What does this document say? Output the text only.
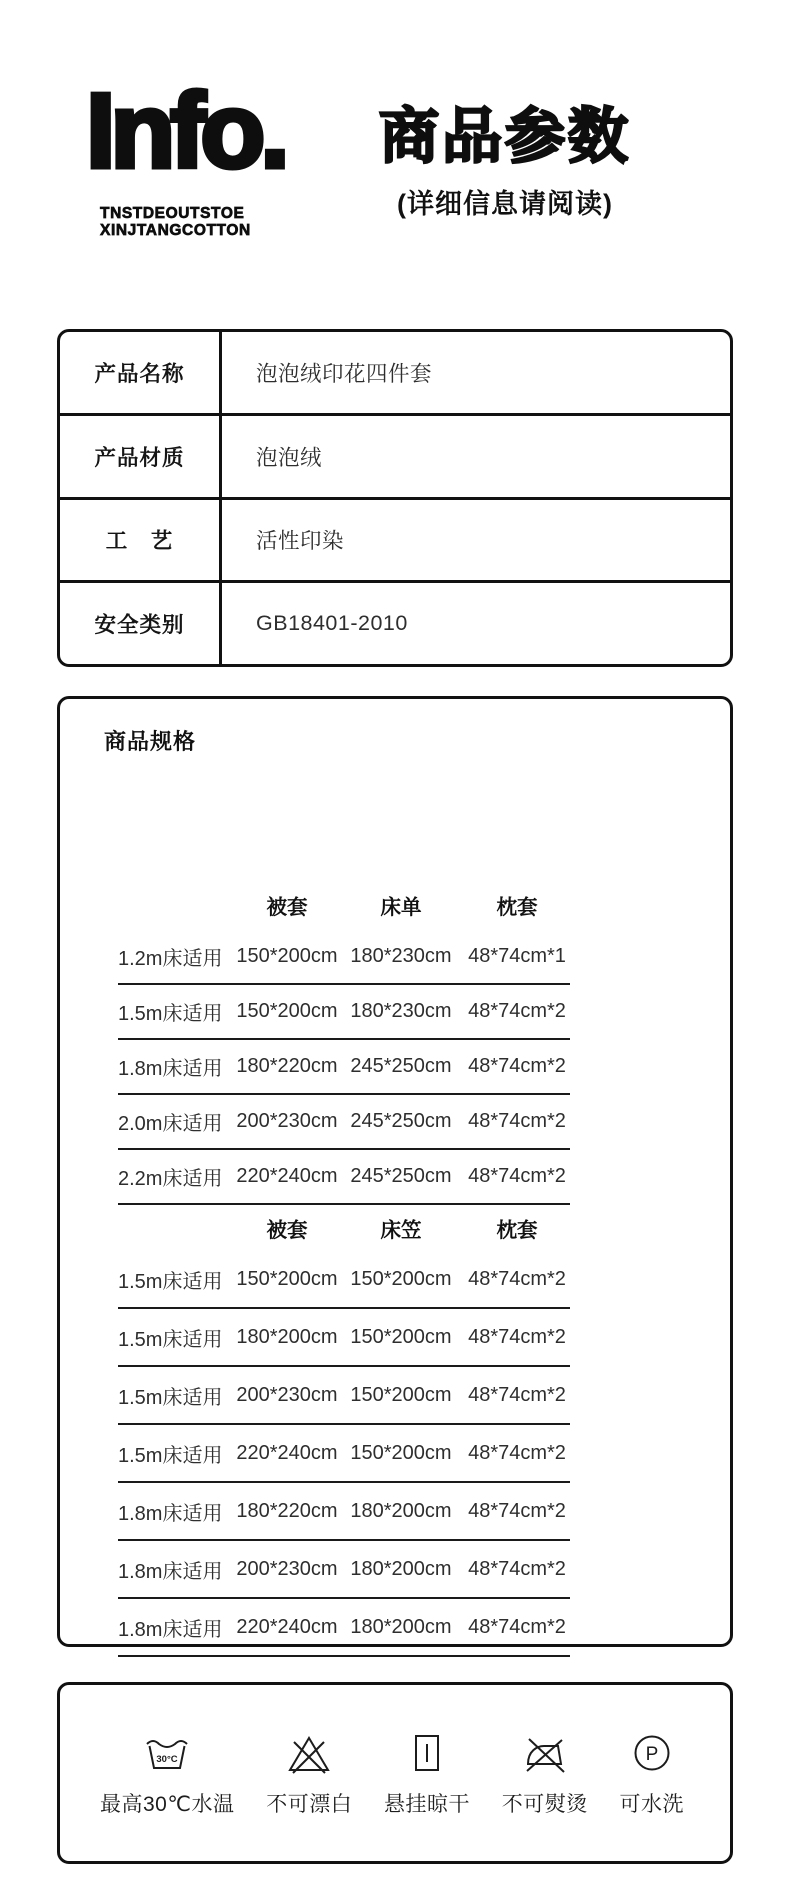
Info.
TNSTDEOUTSTOE
XINJTANGCOTTON
商品参数
(详细信息请阅读)
产品名称	泡泡绒印花四件套
产品材质	泡泡绒
工　艺	活性印染
安全类别	GB18401-2010
商品规格
被套	床单	枕套
1.2m床适用 150*200cm 180*230cm 48*74cm*1
1.5m床适用 150*200cm 180*230cm 48*74cm*2
1.8m床适用 180*220cm 245*250cm 48*74cm*2
2.0m床适用 200*230cm 245*250cm 48*74cm*2
2.2m床适用 220*240cm 245*250cm 48*74cm*2
被套	床笠	枕套
1.5m床适用 150*200cm 150*200cm 48*74cm*2
1.5m床适用 180*200cm 150*200cm 48*74cm*2
1.5m床适用 200*230cm 150*200cm 48*74cm*2
1.5m床适用 220*240cm 150*200cm 48*74cm*2
1.8m床适用 180*220cm 180*200cm 48*74cm*2
1.8m床适用 200*230cm 180*200cm 48*74cm*2
1.8m床适用 220*240cm 180*200cm 48*74cm*2
30°C
最高30℃水温 不可漂白 悬挂晾干 不可熨烫
P
可水洗
